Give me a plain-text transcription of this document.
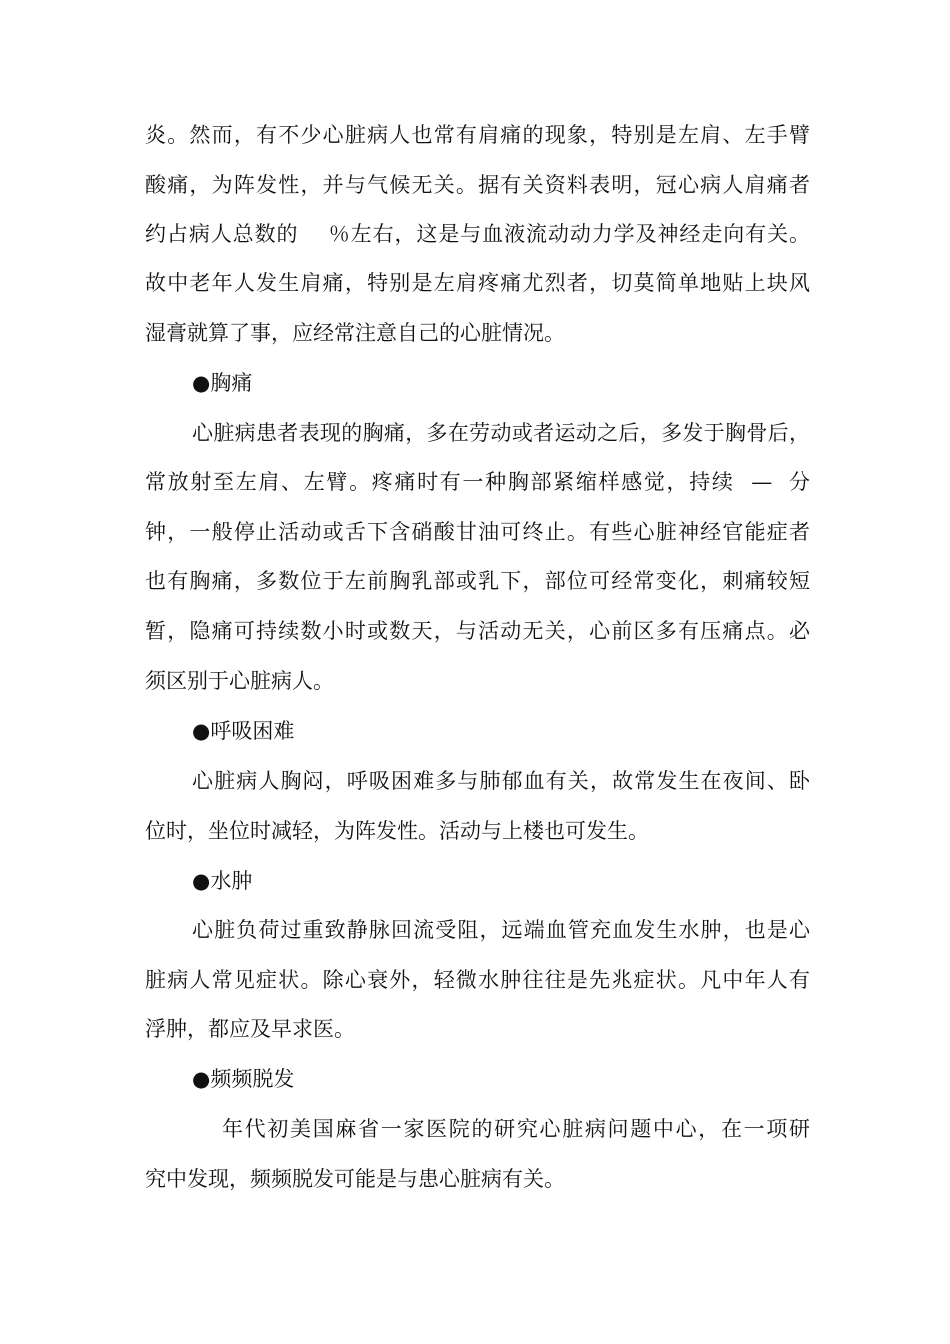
炎。然而，有不少心脏病人也常有肩痛的现象，特别是左肩、左手臂
酸痛，为阵发性，并与气候无关。据有关资料表明，冠心病人肩痛者
约占病人总数的    ％左右，这是与血液流动动力学及神经走向有关。
故中老年人发生肩痛，特别是左肩疼痛尤烈者，切莫简单地贴上块风
湿膏就算了事，应经常注意自己的心脏情况。
●胸痛
心脏病患者表现的胸痛，多在劳动或者运动之后，多发于胸骨后，
常放射至左肩、左臂。疼痛时有一种胸部紧缩样感觉，持续  —  分
钟，一般停止活动或舌下含硝酸甘油可终止。有些心脏神经官能症者
也有胸痛，多数位于左前胸乳部或乳下，部位可经常变化，刺痛较短
暂，隐痛可持续数小时或数天，与活动无关，心前区多有压痛点。必
须区别于心脏病人。
●呼吸困难
心脏病人胸闷，呼吸困难多与肺郁血有关，故常发生在夜间、卧
位时，坐位时减轻，为阵发性。活动与上楼也可发生。
●水肿
心脏负荷过重致静脉回流受阻，远端血管充血发生水肿，也是心
脏病人常见症状。除心衰外，轻微水肿往往是先兆症状。凡中年人有
浮肿，都应及早求医。
●频频脱发
年代初美国麻省一家医院的研究心脏病问题中心，在一项研
究中发现，频频脱发可能是与患心脏病有关。
